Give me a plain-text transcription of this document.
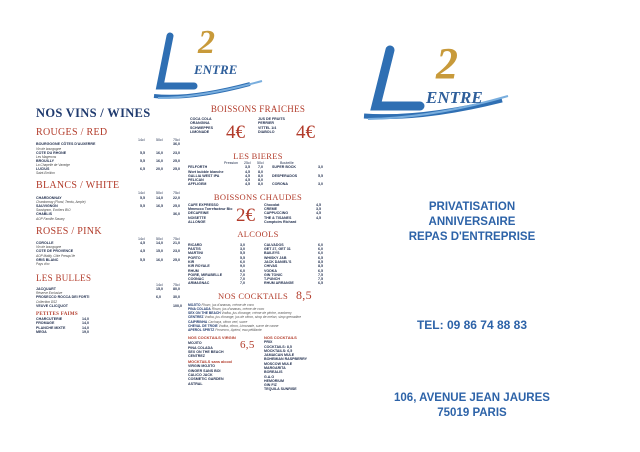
2
ENTRE	2
ENTRE
NOS VINS / WINES
ROUGES / RED
14cl	50cl	75cl
BOURGOGNE CÔTES D'AUXERRE	36,0
Vin de bourgogne
COTE DU RHONE	5,5	16,0	23,0
Les Magerons
BROUILLY	5,5	16,0	25,0
La Chapelle de Vaneige
LUCIUS	6,5	20,0	25,0
Saint-Emilion
BLANCS / WHITE
14cl	50cl	75cl
CHARDONNAY	5,5	14,0	22,0
Chardonnay (Floral, Tendu, Ample)
SAUVIGNON	5,5	16,5	25,0
Sauvignon, Ecoliers BIO
CHABLIS	36,0
AOP Famille Savary
ROSES / PINK
14cl	50cl	75cl
COROLLE	4,5	14,0	21,0
Vin de bourgogne
COTE DE PROVENCE	4,5	15,0	23,0
AOP Matily, Côte Presqu'île
GRIS BLANC	5,5	16,0	25,0
Pays d'oc
LES BULLES
14cl	75cl
JACQUART	15,0	80,0
Réserve Exclusive
PROSECCO ROCCA DEI FORTI	6,0	30,0
Collection DS2
VEUVE CLICQUOT	100,0
PETITES FAIMS
CHARCUTERIE	14,0
FROMAGE	14,0
PLANCHE MIXTE	14,0
MEGA	19,0
BOISSONS FRAICHES
COCA COLA
ORANGINA
SCHWEPPES
LIMONADE 4€
JUS DE FRUITS
PERRIER
VITTEL 1/4
DIABOLO	4€
LES BIERES
Pression 25cl 50cl	Bouteille
FELFORTH	3,5 7,0	SUPER BOCK	3,0
Wort bubble blanche	4,5 8,0
GALLIA WEST IPA	4,5 8,0	DESPERADOS	5,5
PELICAN	4,5 8,0
AFFLIGEM	4,5 8,0	CORONA	3,0
BOISSONS CHAUDES
CAFE EXPRESSO
Mmmoco Torrefacteur Bio
DECAFEINE
NOISETTE
ALLONGE	2€	Chocolat	4,5
CREME	3,5
CAPPUCCINO	4,5
THE & TISANES	4,5
Comptoirs Richard
ALCOOLS
RICARD	3,0
PASTIS	3,0
MARTINI	5,5
PORTO	5,5
KIR	6,0
KIR ROYALE	9,0
RHUM	6,0
POIRE, MIRABELLE	7,0
COGNAC	7,0
ARMAGNAC	7,0
CALVADOS	6,0
GET 27, GET 31	6,0
BAILEYS	6,0
WHISKY J&B	6,5
JACK DANIEL'S	8,5
CHIVAS	8,5
VODKA	6,5
GIN TONIC	7,5
T-PUNCH	7,5
RHUM ARRANGE	6,5
NOS COCKTAILS 8,5
MOJITO Rhum, jus d'ananas, crème de coco
PINA COLADA Rhum, jus d'ananas, crème de coco
SEX ON THE BEACH Vodka, jus d'orange, crème de pêche, cranberry
CENTREZ Vodka, jus d'orange, jus de citron, sirop de melon, sirop grenadine
CAIPIRINHA Cachaça, citron vert, sucre
CHEVAL DE TROIE Vodka, citron, Limonade, sucre de canne
APEROL SPRITZ Prosecco, Apérol, eau pétillante
NOS COCKTAILS VIRGIN
6,5
MOJITO
PINA COLADA
SEX ON THE BEACH
CENTREZ
MOCKTAILS sans alcool
VIRGIN MOJITO
GINGER SANS BOI
CALICO JACK
COSMETIC GARDEN
ASTRAL
NOS COCKTAILS
PRIX
COCKTAILS: 8,5
MOCKTAILS: 6,5
JAMAICAN MULE
BOHEMIAN RASPBERRY
MOSCOW MULE
MARGARITA
BOREALIS
G.A.O
HEMORIUM
GIN FIZ
TEQUILA SUNRISE
PRIVATISATION
ANNIVERSAIRE
REPAS D'ENTREPRISE
TEL: 09 86 74 88 83
106, AVENUE JEAN JAURES
75019 PARIS
